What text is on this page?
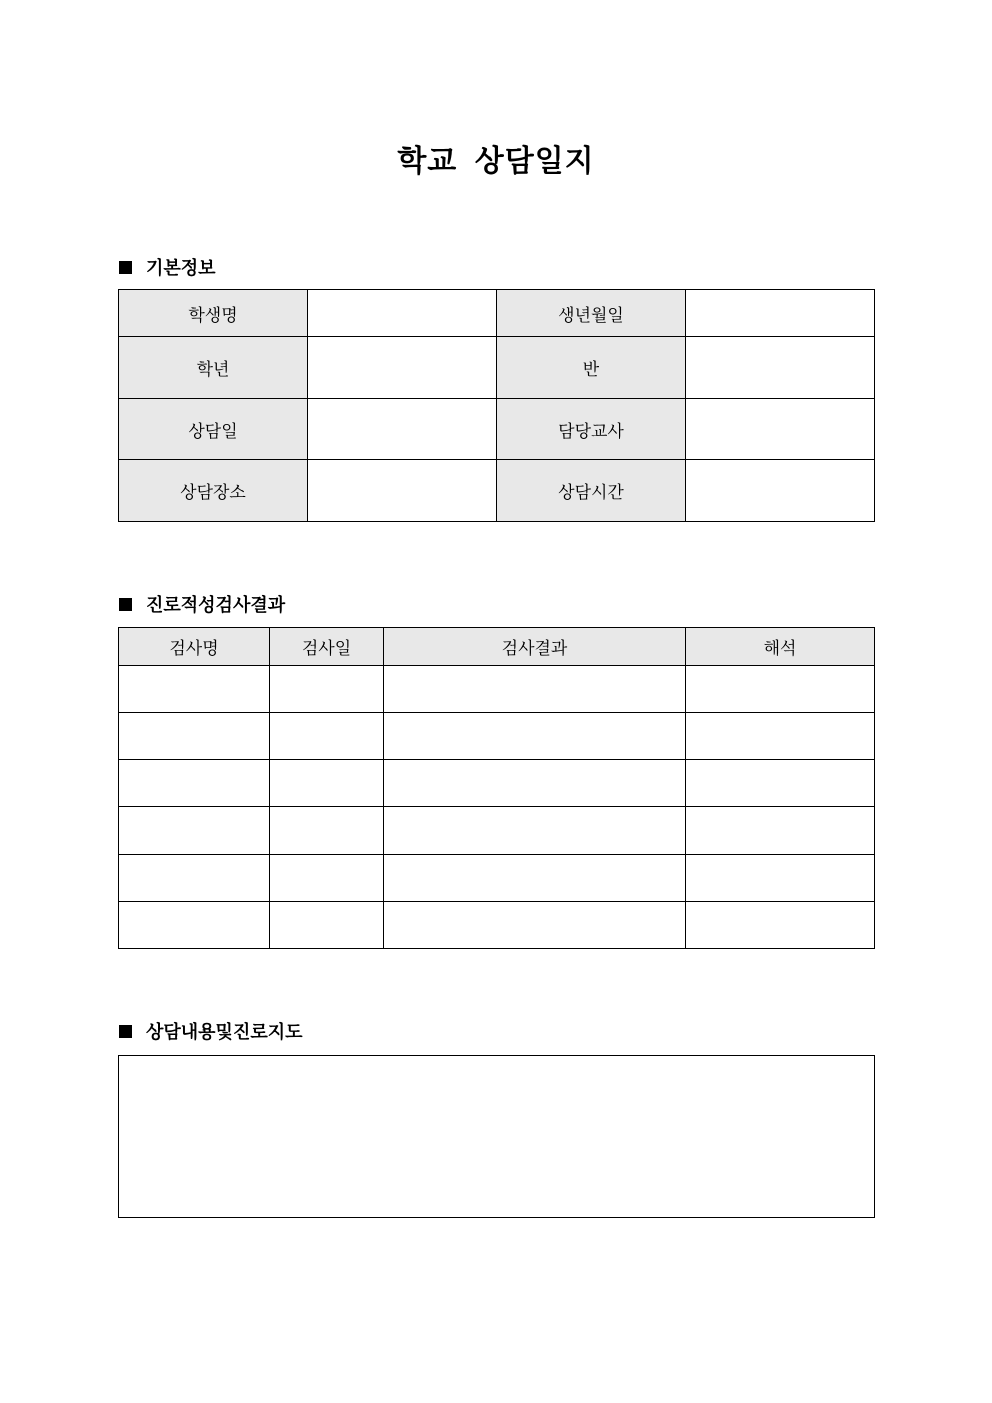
학교 상담일지
기본정보
학생명		생년월일	
학년		반	
상담일		담당교사	
상담장소		상담시간	
진로적성검사결과
검사명	검사일	검사결과	해석

상담내용및진로지도
